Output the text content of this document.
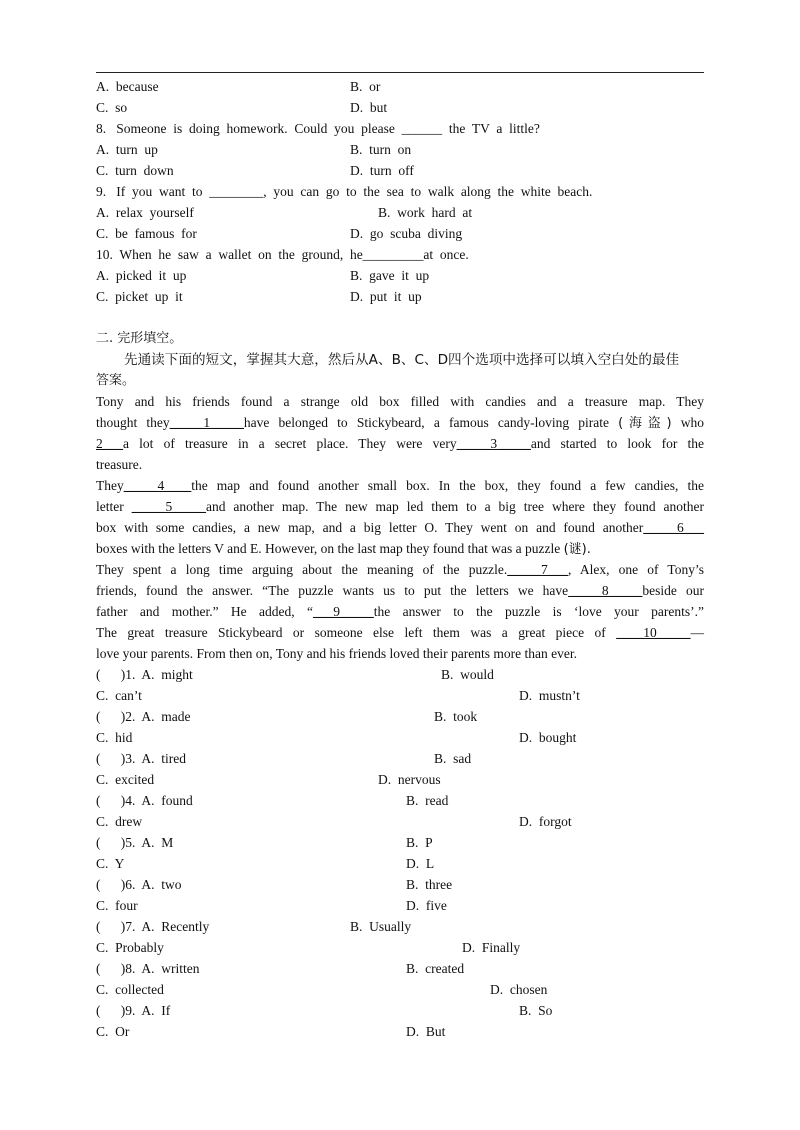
A.  because	B.  or
C.  so	D.  but
8.   Someone  is  doing  homework.  Could  you  please  ______  the  TV  a  little?
A.  turn  up	B.  turn  on
C.  turn  down	D.  turn  off
9.   If  you  want  to  ________,  you  can  go  to  the  sea  to  walk  along  the  white  beach.
A.  relax  yourself	B.  work  hard  at
C.  be  famous  for	D.  go  scuba  diving
10.  When  he  saw  a  wallet  on  the  ground,  he_________at  once.
A.  picked  it  up	B.  gave  it  up
C.  picket  up  it	D.  put  it  up
二. 完形填空。
先通读下面的短文，掌握其大意，然后从A、B、C、D四个选项中选择可以填入空白处的最佳
答案。
Tony and his friends found a strange old box filled with candies and a treasure map. They
thought they_____1_____have belonged to Stickybeard, a famous candy-loving pirate (海盗) who
2___a lot of treasure in a secret place. They were very_____3_____and started to look for the
treasure.
They_____4____the map and found another small box. In the box, they found a few candies, the
letter _____5_____and another map. The new map led them to a big tree where they found another
box with some candies, a new map, and a big letter O. They went on and found another_____6___
boxes with the letters V and E. However, on the last map they found that was a puzzle (谜).
They spent a long time arguing about the meaning of the puzzle._____7___, Alex, one of Tony’s
friends, found the answer. “The puzzle wants us to put the letters we have_____8_____beside our
father and mother.” He added, “___9_____the answer to the puzzle is ‘love your parents’.”
The great treasure Stickybeard or someone else left them was a great piece of ____10_____—
love your parents. From then on, Tony and his friends loved their parents more than ever.
(      )1.  A.  might	B.  would
C.  can’t	D.  mustn’t
(      )2.  A.  made	B.  took
C.  hid	D.  bought
(      )3.  A.  tired	B.  sad
C.  excited	D.  nervous
(      )4.  A.  found	B.  read
C.  drew	D.  forgot
(      )5.  A.  M	B.  P
C.  Y	D.  L
(      )6.  A.  two	B.  three
C.  four	D.  five
(      )7.  A.  Recently	B.  Usually
C.  Probably	D.  Finally
(      )8.  A.  written	B.  created
C.  collected	D.  chosen
(      )9.  A.  If	B.  So
C.  Or	D.  But
